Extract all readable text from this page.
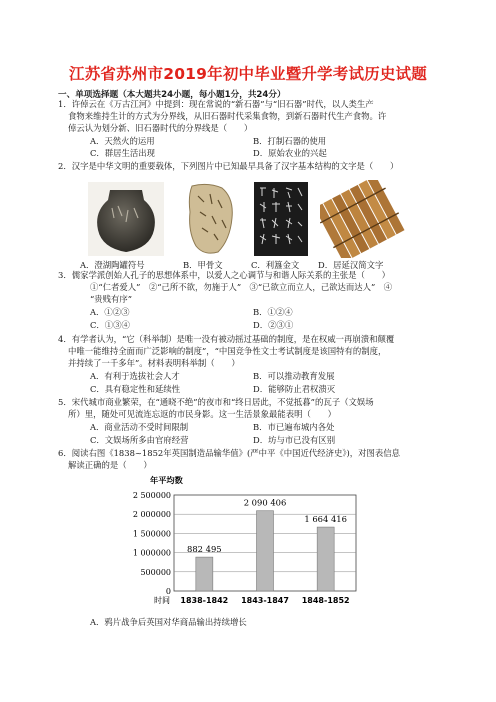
江苏省苏州市2019年初中毕业暨升学考试历史试题
一、单项选择题（本大题共24小题，每小题1分，共24分）
1．许倬云在《万古江河》中提到：现在常说的“新石器”与“旧石器”时代，以人类生产
食物来维持生计的方式为分界线，从旧石器时代采集食物，到新石器时代生产食物。许
倬云认为划分新、旧石器时代的分界线是（　　）
A．天然火的运用	B．打制石器的使用
C．群居生活出现	D．原始农业的兴起
2．汉字是中华文明的重要载体，下列图片中已知最早具备了汉字基本结构的文字是（　　）
A．澄湖陶罐符号	B．甲骨文	C．利簋金文 D．居延汉简文字
3．儒家学派创始人孔子的思想体系中，以爱人之心调节与和谐人际关系的主张是（　　）
①“仁者爱人”　②“己所不欲，勿施于人”　③“已欲立而立人，己欲达而达人”　④
“贵贱有序”
A．①②③	B．①②④
C．①③④	D．②③①
4．有学者认为，“它（科举制）是唯一没有被动摇过基础的制度，是在权威一再崩溃和颠覆
中唯一能维持全面而广泛影响的制度”，“中国竞争性文士考试制度是该国特有的制度，
并持续了一千多年”。材料表明科举制（　　）
A．有利于选拔社会人才	B．可以推动教育发展
C．具有稳定性和延续性	D．能够防止君权溃灭
5．宋代城市商业繁荣，在“通晓不绝”的夜市和“终日居此，不觉抵暮”的瓦子（文娱场
所）里，随处可见流连忘返的市民身影。这一生活景象最能表明（　　）
A．商业活动不受时间限制	B．市已遍布城内各处
C．文娱场所多由官府经营	D．坊与市已没有区别
6．阅读右图《1838~1852年英国制造品输华值》(严中平《中国近代经济史》)，对图表信息
解读正确的是（　　）
0
500000
1 000000
1 500000
2 000000
2 500000
882 495
1838-1842
2 090 406
1843-1847
1 664 416
1848-1852
年平均数
时间
A．鸦片战争后英国对华商品输出持续增长
